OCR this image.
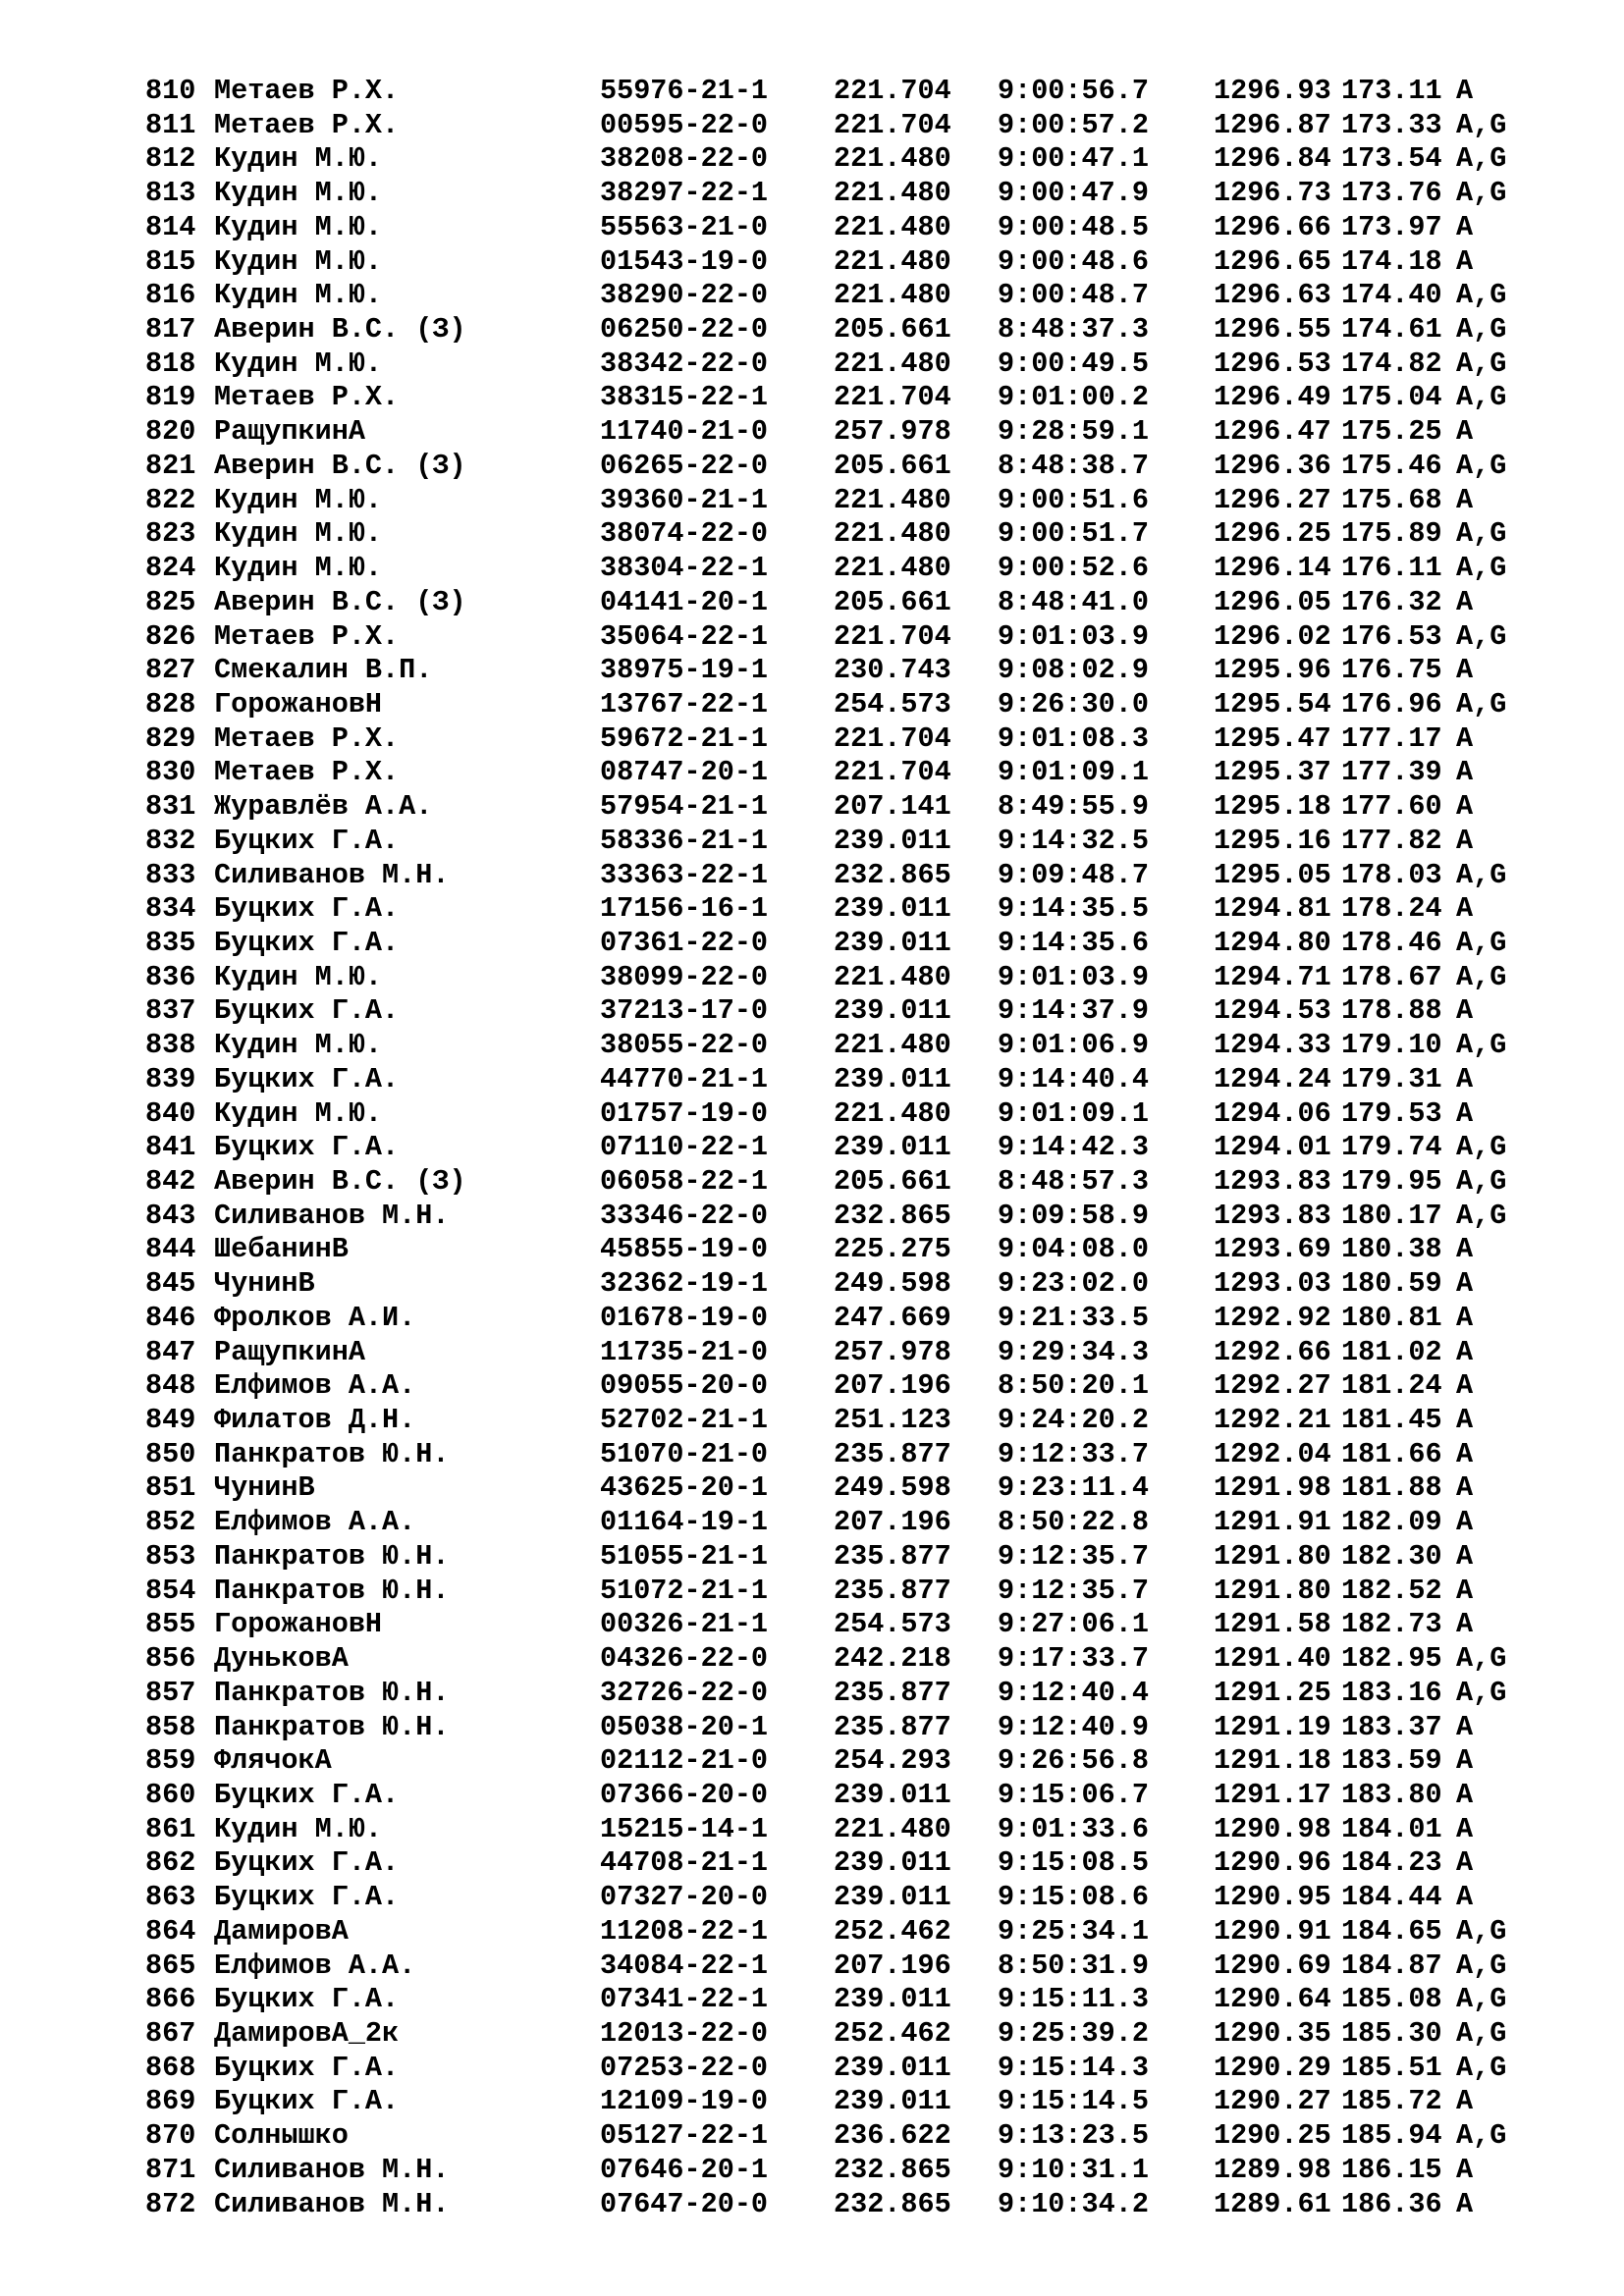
810 Метаев Р.Х.	55976-21-1 221.704 9:00:56.7 1296.93 173.11 A
811 Метаев Р.Х.	00595-22-0 221.704 9:00:57.2 1296.87 173.33 A,G
812 Кудин М.Ю.	38208-22-0 221.480 9:00:47.1 1296.84 173.54 A,G
813 Кудин М.Ю.	38297-22-1 221.480 9:00:47.9 1296.73 173.76 A,G
814 Кудин М.Ю.	55563-21-0 221.480 9:00:48.5 1296.66 173.97 A
815 Кудин М.Ю.	01543-19-0 221.480 9:00:48.6 1296.65 174.18 A
816 Кудин М.Ю.	38290-22-0 221.480 9:00:48.7 1296.63 174.40 A,G
817 Аверин В.С. (З)	06250-22-0 205.661 8:48:37.3 1296.55 174.61 A,G
818 Кудин М.Ю.	38342-22-0 221.480 9:00:49.5 1296.53 174.82 A,G
819 Метаев Р.Х.	38315-22-1 221.704 9:01:00.2 1296.49 175.04 A,G
820 РащупкинА	11740-21-0 257.978 9:28:59.1 1296.47 175.25 A
821 Аверин В.С. (З)	06265-22-0 205.661 8:48:38.7 1296.36 175.46 A,G
822 Кудин М.Ю.	39360-21-1 221.480 9:00:51.6 1296.27 175.68 A
823 Кудин М.Ю.	38074-22-0 221.480 9:00:51.7 1296.25 175.89 A,G
824 Кудин М.Ю.	38304-22-1 221.480 9:00:52.6 1296.14 176.11 A,G
825 Аверин В.С. (З)	04141-20-1 205.661 8:48:41.0 1296.05 176.32 A
826 Метаев Р.Х.	35064-22-1 221.704 9:01:03.9 1296.02 176.53 A,G
827 Смекалин В.П.	38975-19-1 230.743 9:08:02.9 1295.96 176.75 A
828 ГорожановН	13767-22-1 254.573 9:26:30.0 1295.54 176.96 A,G
829 Метаев Р.Х.	59672-21-1 221.704 9:01:08.3 1295.47 177.17 A
830 Метаев Р.Х.	08747-20-1 221.704 9:01:09.1 1295.37 177.39 A
831 Журавлёв А.А.	57954-21-1 207.141 8:49:55.9 1295.18 177.60 A
832 Буцких Г.А.	58336-21-1 239.011 9:14:32.5 1295.16 177.82 A
833 Силиванов М.Н.	33363-22-1 232.865 9:09:48.7 1295.05 178.03 A,G
834 Буцких Г.А.	17156-16-1 239.011 9:14:35.5 1294.81 178.24 A
835 Буцких Г.А.	07361-22-0 239.011 9:14:35.6 1294.80 178.46 A,G
836 Кудин М.Ю.	38099-22-0 221.480 9:01:03.9 1294.71 178.67 A,G
837 Буцких Г.А.	37213-17-0 239.011 9:14:37.9 1294.53 178.88 A
838 Кудин М.Ю.	38055-22-0 221.480 9:01:06.9 1294.33 179.10 A,G
839 Буцких Г.А.	44770-21-1 239.011 9:14:40.4 1294.24 179.31 A
840 Кудин М.Ю.	01757-19-0 221.480 9:01:09.1 1294.06 179.53 A
841 Буцких Г.А.	07110-22-1 239.011 9:14:42.3 1294.01 179.74 A,G
842 Аверин В.С. (З)	06058-22-1 205.661 8:48:57.3 1293.83 179.95 A,G
843 Силиванов М.Н.	33346-22-0 232.865 9:09:58.9 1293.83 180.17 A,G
844 ШебанинВ	45855-19-0 225.275 9:04:08.0 1293.69 180.38 A
845 ЧунинВ	32362-19-1 249.598 9:23:02.0 1293.03 180.59 A
846 Фролков А.И.	01678-19-0 247.669 9:21:33.5 1292.92 180.81 A
847 РащупкинА	11735-21-0 257.978 9:29:34.3 1292.66 181.02 A
848 Елфимов А.А.	09055-20-0 207.196 8:50:20.1 1292.27 181.24 A
849 Филатов Д.Н.	52702-21-1 251.123 9:24:20.2 1292.21 181.45 A
850 Панкратов Ю.Н.	51070-21-0 235.877 9:12:33.7 1292.04 181.66 A
851 ЧунинВ	43625-20-1 249.598 9:23:11.4 1291.98 181.88 A
852 Елфимов А.А.	01164-19-1 207.196 8:50:22.8 1291.91 182.09 A
853 Панкратов Ю.Н.	51055-21-1 235.877 9:12:35.7 1291.80 182.30 A
854 Панкратов Ю.Н.	51072-21-1 235.877 9:12:35.7 1291.80 182.52 A
855 ГорожановН	00326-21-1 254.573 9:27:06.1 1291.58 182.73 A
856 ДуньковА	04326-22-0 242.218 9:17:33.7 1291.40 182.95 A,G
857 Панкратов Ю.Н.	32726-22-0 235.877 9:12:40.4 1291.25 183.16 A,G
858 Панкратов Ю.Н.	05038-20-1 235.877 9:12:40.9 1291.19 183.37 A
859 ФлячокА	02112-21-0 254.293 9:26:56.8 1291.18 183.59 A
860 Буцких Г.А.	07366-20-0 239.011 9:15:06.7 1291.17 183.80 A
861 Кудин М.Ю.	15215-14-1 221.480 9:01:33.6 1290.98 184.01 A
862 Буцких Г.А.	44708-21-1 239.011 9:15:08.5 1290.96 184.23 A
863 Буцких Г.А.	07327-20-0 239.011 9:15:08.6 1290.95 184.44 A
864 ДамировА	11208-22-1 252.462 9:25:34.1 1290.91 184.65 A,G
865 Елфимов А.А.	34084-22-1 207.196 8:50:31.9 1290.69 184.87 A,G
866 Буцких Г.А.	07341-22-1 239.011 9:15:11.3 1290.64 185.08 A,G
867 ДамировА_2к	12013-22-0 252.462 9:25:39.2 1290.35 185.30 A,G
868 Буцких Г.А.	07253-22-0 239.011 9:15:14.3 1290.29 185.51 A,G
869 Буцких Г.А.	12109-19-0 239.011 9:15:14.5 1290.27 185.72 A
870 Солнышко	05127-22-1 236.622 9:13:23.5 1290.25 185.94 A,G
871 Силиванов М.Н.	07646-20-1 232.865 9:10:31.1 1289.98 186.15 A
872 Силиванов М.Н.	07647-20-0 232.865 9:10:34.2 1289.61 186.36 A
